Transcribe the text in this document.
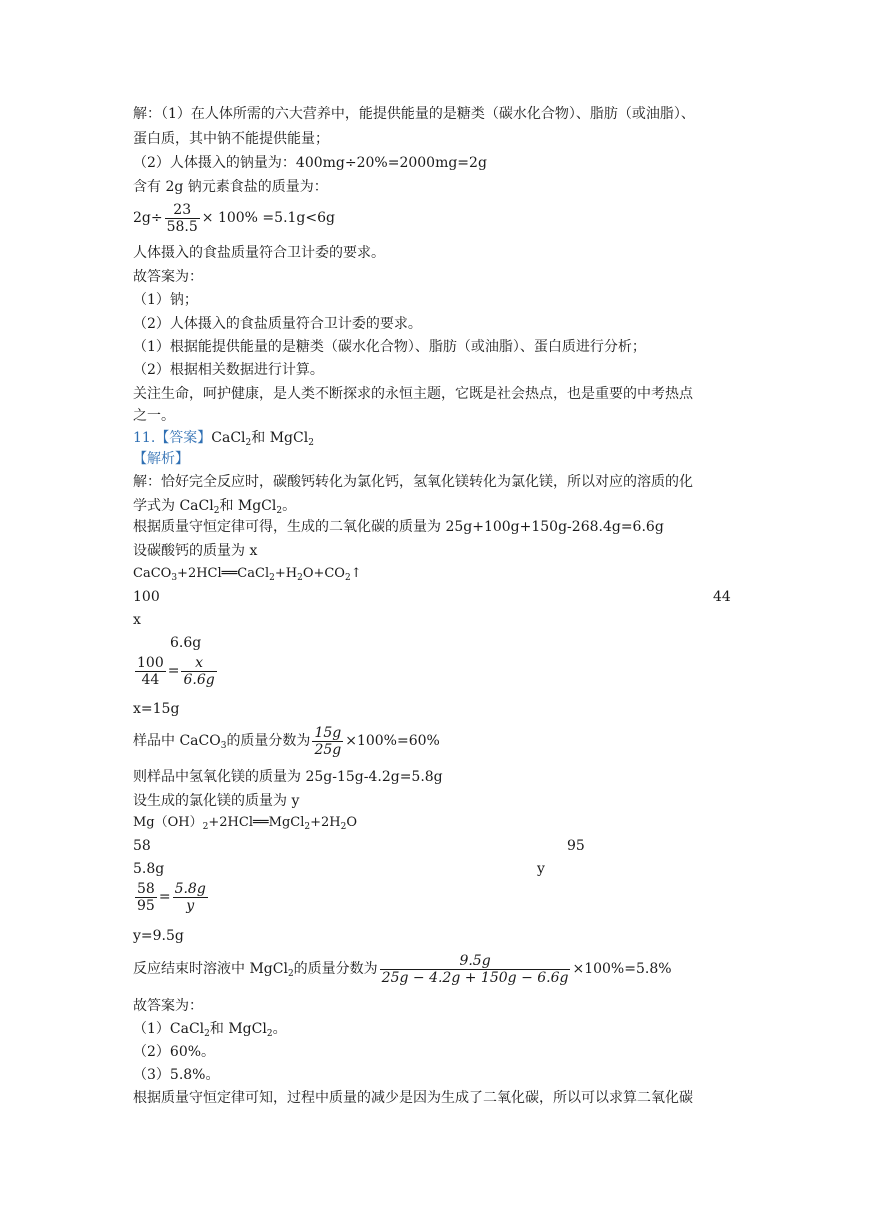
解：（1）在人体所需的六大营养中，能提供能量的是糖类（碳水化合物）、脂肪（或油脂）、
蛋白质，其中钠不能提供能量；
（2）人体摄入的钠量为：400mg÷20%=2000mg=2g
含有 2g 钠元素食盐的质量为：
$2g\div \frac{23}{58.5} \times 100\% =5.1g<6g$
人体摄入的食盐质量符合卫计委的要求。
故答案为：
（1）钠；
（2）人体摄入的食盐质量符合卫计委的要求。
（1）根据能提供能量的是糖类（碳水化合物）、脂肪（或油脂）、蛋白质进行分析；
（2）根据相关数据进行计算。
关注生命，呵护健康，是人类不断探求的永恒主题，它既是社会热点，也是重要的中考热点
之一。
11.【答案】CaCl$_2$和 MgCl$_2$
【解析】
解：恰好完全反应时，碳酸钙转化为氯化钙，氢氧化镁转化为氯化镁，所以对应的溶质的化
学式为 CaCl$_2$和 MgCl$_2$。
根据质量守恒定律可得，生成的二氧化碳的质量为 25g+100g+150g-268.4g=6.6g
设碳酸钙的质量为 x
$CaCO_3+2HCl══CaCl_2+H_2O+CO_2↑$
100	44
x
6.6g
$\frac{100}{44} = \frac{x}{6.6g}$
x=15g
样品中 CaCO$_3$的质量分数为 $\frac{15g}{25g} \times 100\%=60\%$
则样品中氢氧化镁的质量为 25g-15g-4.2g=5.8g
设生成的氯化镁的质量为 y
$Mg(OH)_2+2HCl══MgCl_2+2H_2O$
58	95
5.8g	y
$\frac{58}{95} = \frac{5.8g}{y}$
y=9.5g
反应结束时溶液中 MgCl$_2$的质量分数为 $\frac{9.5g}{25g - 4.2g + 150g - 6.6g} \times 100\%=5.8\%$
故答案为：
（1）CaCl$_2$和 MgCl$_2$。
（2）60%。
（3）5.8%。
根据质量守恒定律可知，过程中质量的减少是因为生成了二氧化碳，所以可以求算二氧化碳
